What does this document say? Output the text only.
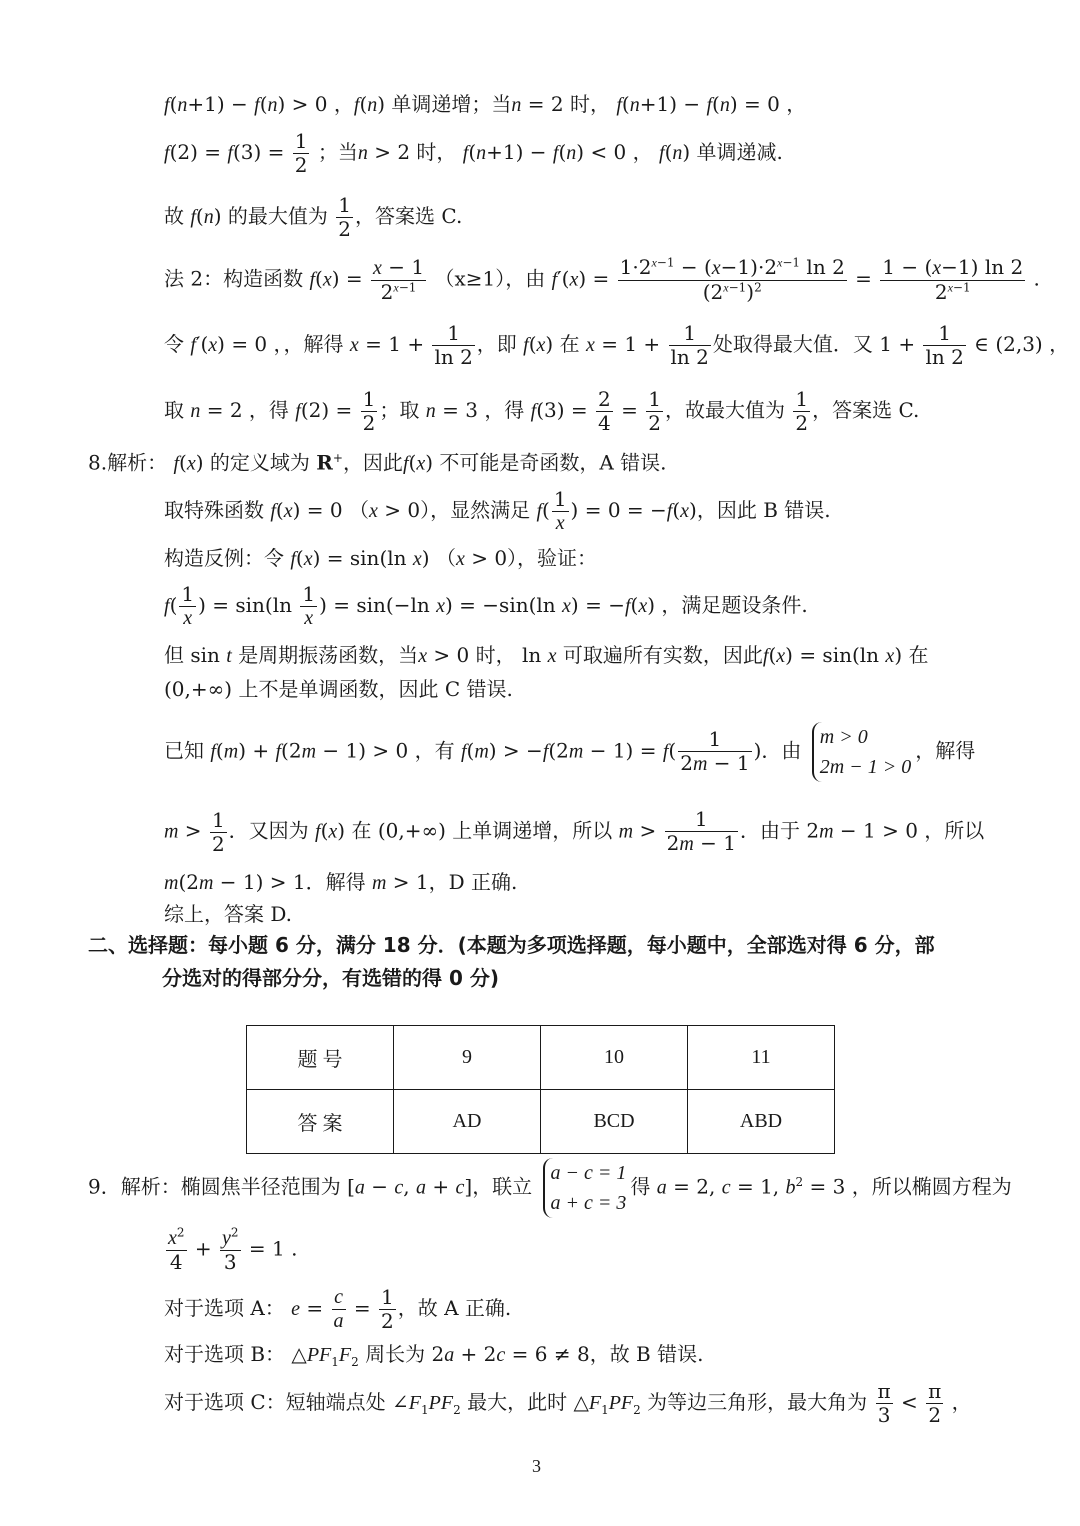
f(n+1) − f(n) > 0 ，f(n) 单调递增；当n = 2 时， f(n+1) − f(n) = 0 ，
$f(2) = f(3) = \frac{1}{2}$ ；当n > 2 时， f(n+1) − f(n) < 0 ， f(n) 单调递减.
故 f(n) 的最大值为 $\frac{1}{2}$ ，答案选 C.
法 2：构造函数 $f(x) = \frac{x - 1}{2^{x-1}} (x\ge 1)$，由 $f'(x) = \frac{1\cdot 2^{x-1} - (x-1)\cdot 2^{x-1} \ln 2}{(2^{x-1})^2} = \frac{1 - (x-1) \ln 2}{2^{x-1}}$ .
令 f′(x) = 0 ，，解得 $x = 1 + \frac{1}{\ln 2}$ ，即 f(x) 在 $x = 1 + \frac{1}{\ln 2}$ 处取得最大值．又 $1 + \frac{1}{\ln 2}$ ∈ (2,3) ，
取 n = 2 ，得 $f(2) = \frac{1}{2}$ ；取 n = 3 ，得 $f(3) = \frac{2}{4} = \frac{1}{2}$ ，故最大值为 $\frac{1}{2}$ ，答案选 C.
8.解析： f(x) 的定义域为 R+，因此f(x) 不可能是奇函数，A 错误.
取特殊函数 f(x) = 0 （x > 0），显然满足 $f( \frac{1}{x}$ ) = 0 = −f(x)，因此 B 错误.
构造反例：令 f(x) = sin(ln x) （x > 0），验证：
$f( \frac{1}{x}$ ) = $\sin(\ln \frac{1}{x}$ ) = sin(−ln x) = −sin(ln x) = −f(x) ，满足题设条件.
但 sin t 是周期振荡函数，当x > 0 时， ln x 可取遍所有实数，因此f(x) = sin(ln x) 在
(0,+∞) 上不是单调函数，因此 C 错误.
已知 f(m) + f(2m − 1) > 0 ，有 $f(m) > -f(2m - 1) = f( \frac{1}{2m - 1}$ )．由
m > 0
2m − 1 > 0
，解得
$m > \frac{1}{2}$ ．又因为 f(x) 在 (0,+∞) 上单调递增，所以 $m > \frac{1}{2m - 1}$ ．由于 2m − 1 > 0 ，所以
m(2m − 1) > 1．解得 m > 1，D 正确.
综上，答案 D.
二、选择题：每小题 6 分，满分 18 分．(本题为多项选择题，每小题中，全部选对得 6 分，部
分选对的得部分分，有选错的得 0 分)
题 号	9	10	11
答 案	AD	BCD	ABD
9．解析：椭圆焦半径范围为 [a − c, a + c]，联立
a − c = 1
a + c = 3
得 a = 2, c = 1, $b^2 = 3$ ，所以椭圆方程为
$\frac{x^2}{4} + \frac{y^2}{3} = 1$ .
对于选项 A： $e = \frac{c}{a} = \frac{1}{2}$ ，故 A 正确.
对于选项 B： $\triangle PF_1F_2$ 周长为 2a + 2c = 6 ≠ 8，故 B 错误.
对于选项 C：短轴端点处 $\angle F_1PF_2$ 最大，此时 $\triangle F_1PF_2$ 为等边三角形，最大角为 $\frac{\pi}{3} < \frac{\pi}{2}$ ，
3
